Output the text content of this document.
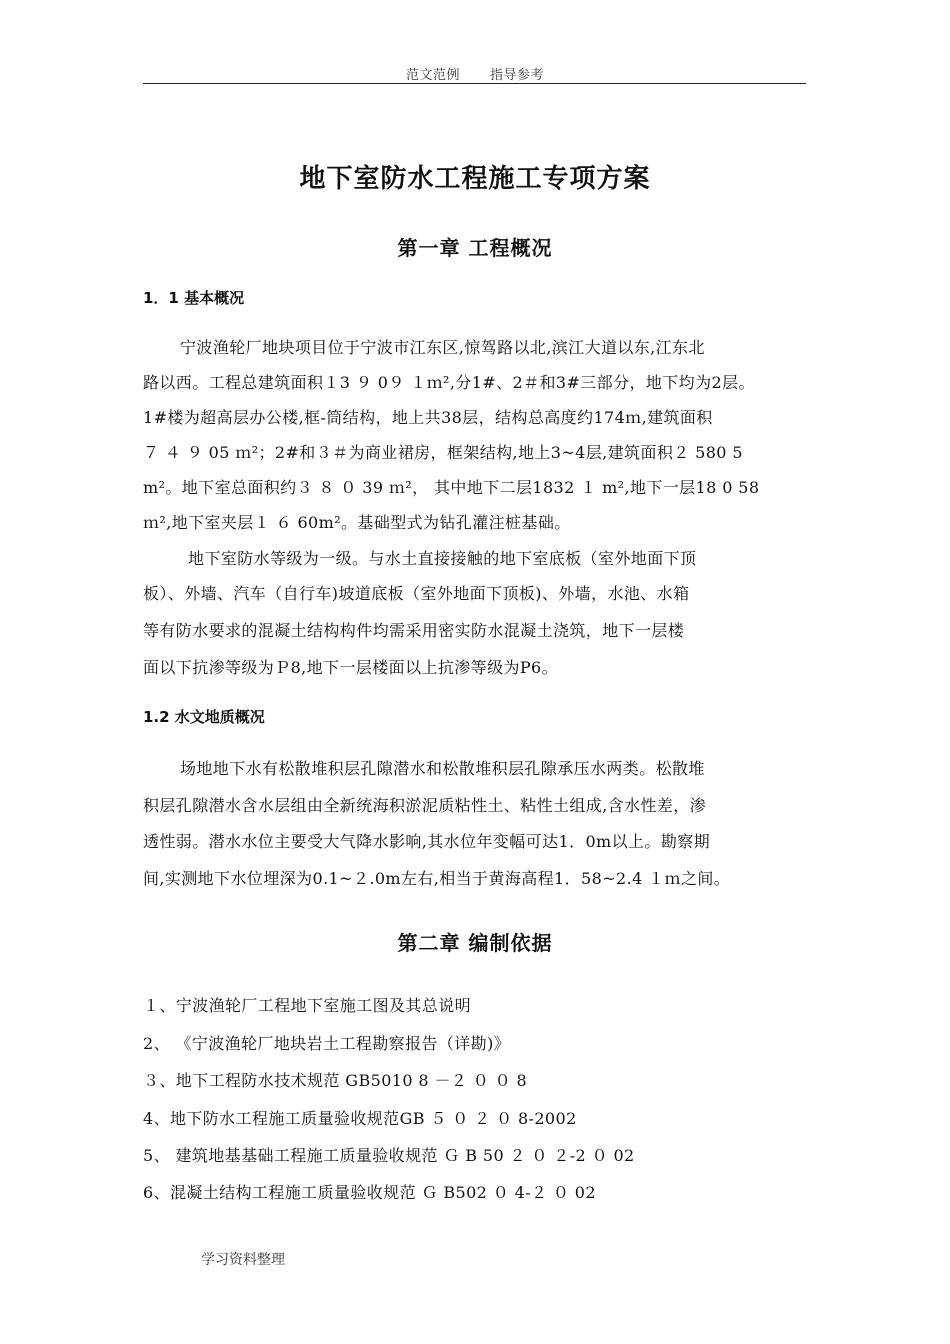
范文范例 指导参考
地下室防水工程施工专项方案
第一章 工程概况
1．1 基本概况
宁波渔轮厂地块项目位于宁波市江东区,惊驾路以北,滨江大道以东,江东北
路以西。工程总建筑面积１3 ９ 0９ １ｍ²,分1#、2＃和3#三部分，地下均为2层。
1#楼为超高层办公楼,框-筒结构，地上共38层，结构总高度约174ｍ,建筑面积
７ ４ ９ 05 ｍ²；2#和３＃为商业裙房，框架结构,地上3~4层,建筑面积２ 580 5
m²。地下室总面积约３ ８ ０ 39 ｍ²， 其中地下二层1832 １ m²,地下一层18 0 58
ｍ²,地下室夹层１ ６ 60m²。基础型式为钻孔灌注桩基础。
地下室防水等级为一级。与水土直接接触的地下室底板（室外地面下顶
板）、外墙、汽车（自行车)坡道底板（室外地面下顶板)、外墙，水池、水箱
等有防水要求的混凝土结构构件均需采用密实防水混凝土浇筑，地下一层楼
面以下抗渗等级为Ｐ8,地下一层楼面以上抗渗等级为P6。
1.2 水文地质概况
场地地下水有松散堆积层孔隙潜水和松散堆积层孔隙承压水两类。松散堆
积层孔隙潜水含水层组由全新统海积淤泥质粘性土、粘性土组成,含水性差，渗
透性弱。潜水水位主要受大气降水影响,其水位年变幅可达1．0m以上。勘察期
间,实测地下水位埋深为0.1~２.0m左右,相当于黄海高程1．58~2.4 １ｍ之间。
第二章 编制依据
１、宁波渔轮厂工程地下室施工图及其总说明
2、 《宁波渔轮厂地块岩土工程勘察报告（详勘)》
３、地下工程防水技术规范 GB5010 8 －２ ０ ０ 8
4、地下防水工程施工质量验收规范GB ５ ０ ２ ０ 8-2002
5、 建筑地基基础工程施工质量验收规范 Ｇ B 50 ２ ０ ２-2 ０ 02
6、混凝土结构工程施工质量验收规范 Ｇ B502 ０ 4-２ ０ 02
学习资料整理
